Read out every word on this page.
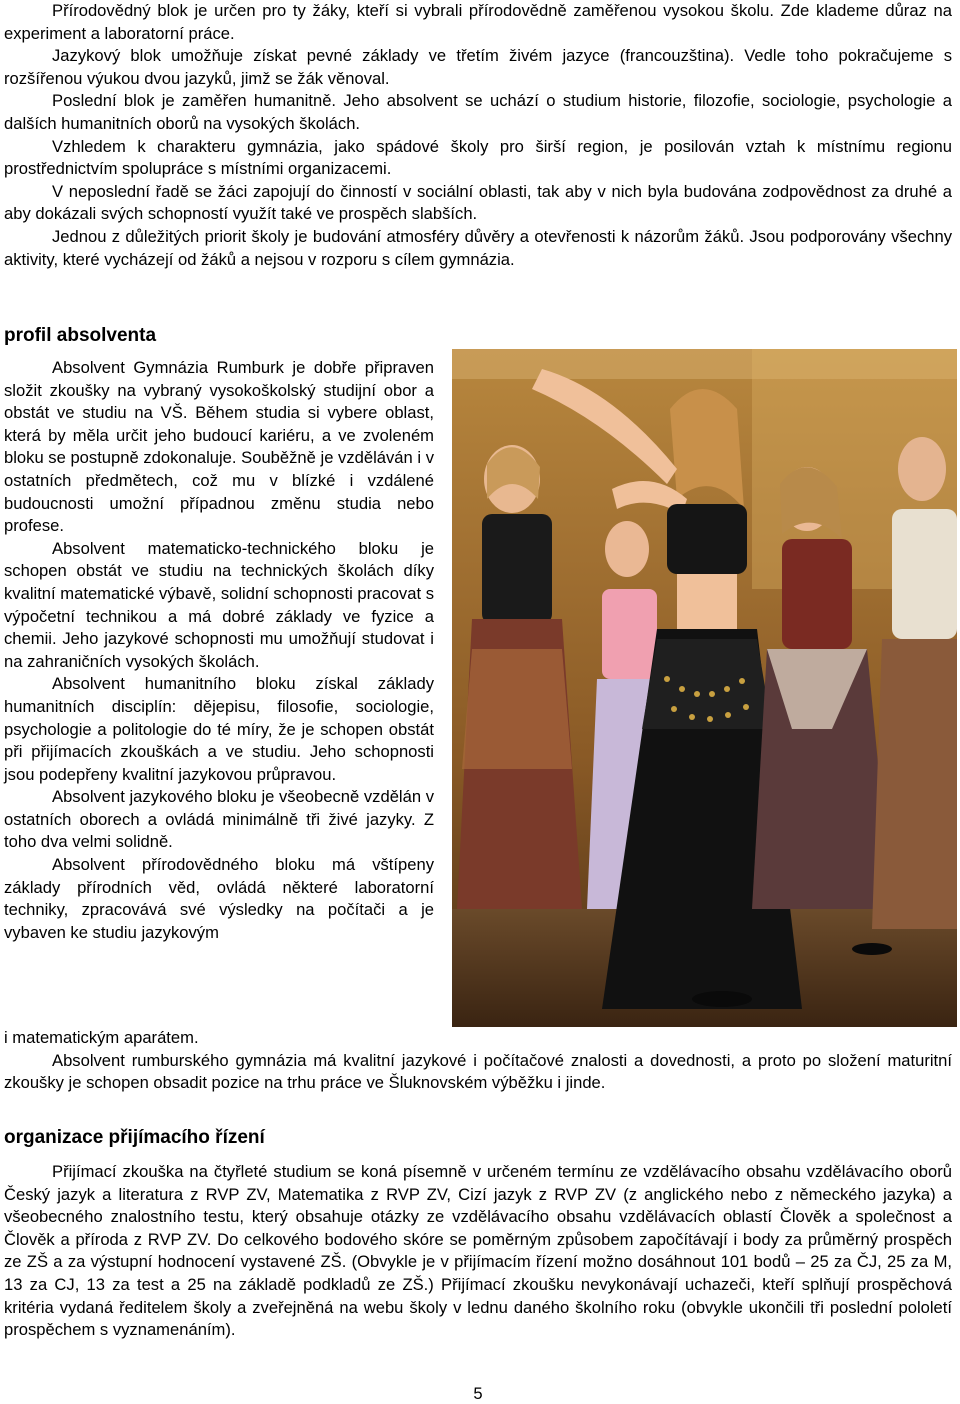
Přírodovědný blok je určen pro ty žáky, kteří si vybrali přírodovědně zaměřenou vysokou školu. Zde klademe důraz na experiment a laboratorní práce.

Jazykový blok umožňuje získat pevné základy ve třetím živém jazyce (francouzština). Vedle toho pokračujeme s rozšířenou výukou dvou jazyků, jimž se žák věnoval.

Poslední blok je zaměřen humanitně. Jeho absolvent se uchází o studium historie, filozofie, sociologie, psychologie a dalších humanitních oborů na vysokých školách.

Vzhledem k charakteru gymnázia, jako spádové školy pro širší region, je posilován vztah k místnímu regionu prostřednictvím spolupráce s místními organizacemi.

V neposlední řadě se žáci zapojují do činností v sociální oblasti, tak aby v nich byla budována zodpovědnost za druhé a aby dokázali svých schopností využít také ve prospěch slabších.

Jednou z důležitých priorit školy je budování atmosféry důvěry a otevřenosti k názorům žáků. Jsou podporovány všechny aktivity, které vycházejí od žáků a nejsou v rozporu s cílem gymnázia.

profil absolventa

Absolvent Gymnázia Rumburk je dobře připraven složit zkoušky na vybraný vysokoškolský studijní obor a obstát ve studiu na VŠ. Během studia si vybere oblast, která by měla určit jeho budoucí kariéru, a ve zvoleném bloku se postupně zdokonaluje. Souběžně je vzděláván i v ostatních předmětech, což mu v blízké i vzdálené budoucnosti umožní případnou změnu studia nebo profese.

Absolvent matematicko-technického bloku je schopen obstát ve studiu na technických školách díky kvalitní matematické výbavě, solidní schopnosti pracovat s výpočetní technikou a má dobré základy ve fyzice a chemii. Jeho jazykové schopnosti mu umožňují studovat i na zahraničních vysokých školách.

Absolvent humanitního bloku získal základy humanitních disciplín: dějepisu, filosofie, sociologie, psychologie a politologie do té míry, že je schopen obstát při přijímacích zkouškách a ve studiu. Jeho schopnosti jsou podepřeny kvalitní jazykovou průpravou.

Absolvent jazykového bloku je všeobecně vzdělán v ostatních oborech a ovládá minimálně tři živé jazyky. Z toho dva velmi solidně.

Absolvent přírodovědného bloku má vštípeny základy přírodních věd, ovládá některé laboratorní techniky, zpracovává své výsledky na počítači a je vybaven ke studiu jazykovým

i matematickým aparátem.

Absolvent rumburského gymnázia má kvalitní jazykové i počítačové znalosti a dovednosti, a proto po složení maturitní zkoušky je schopen obsadit pozice na trhu práce ve Šluknovském výběžku i jinde.

organizace přijímacího řízení

Přijímací zkouška na čtyřleté studium se koná písemně v určeném termínu ze vzdělávacího obsahu vzdělávacího oborů Český jazyk a literatura z RVP ZV, Matematika z RVP ZV, Cizí jazyk z RVP ZV (z anglického nebo z německého jazyka) a všeobecného znalostního testu, který obsahuje otázky ze vzdělávacího obsahu vzdělávacích oblastí Člověk a společnost a Člověk a příroda z RVP ZV. Do celkového bodového skóre se poměrným způsobem započítávají i body za průměrný prospěch ze ZŠ a za výstupní hodnocení vystavené ZŠ. (Obvykle je v přijímacím řízení možno dosáhnout 101 bodů – 25 za ČJ, 25 za M, 13 za CJ, 13 za test a 25 na základě podkladů ze ZŠ.) Přijímací zkoušku nevykonávají uchazeči, kteří splňují prospěchová kritéria vydaná ředitelem školy a zveřejněná na webu školy v lednu daného školního roku (obvykle ukončili tři poslední pololetí prospěchem s vyznamenáním).

5
